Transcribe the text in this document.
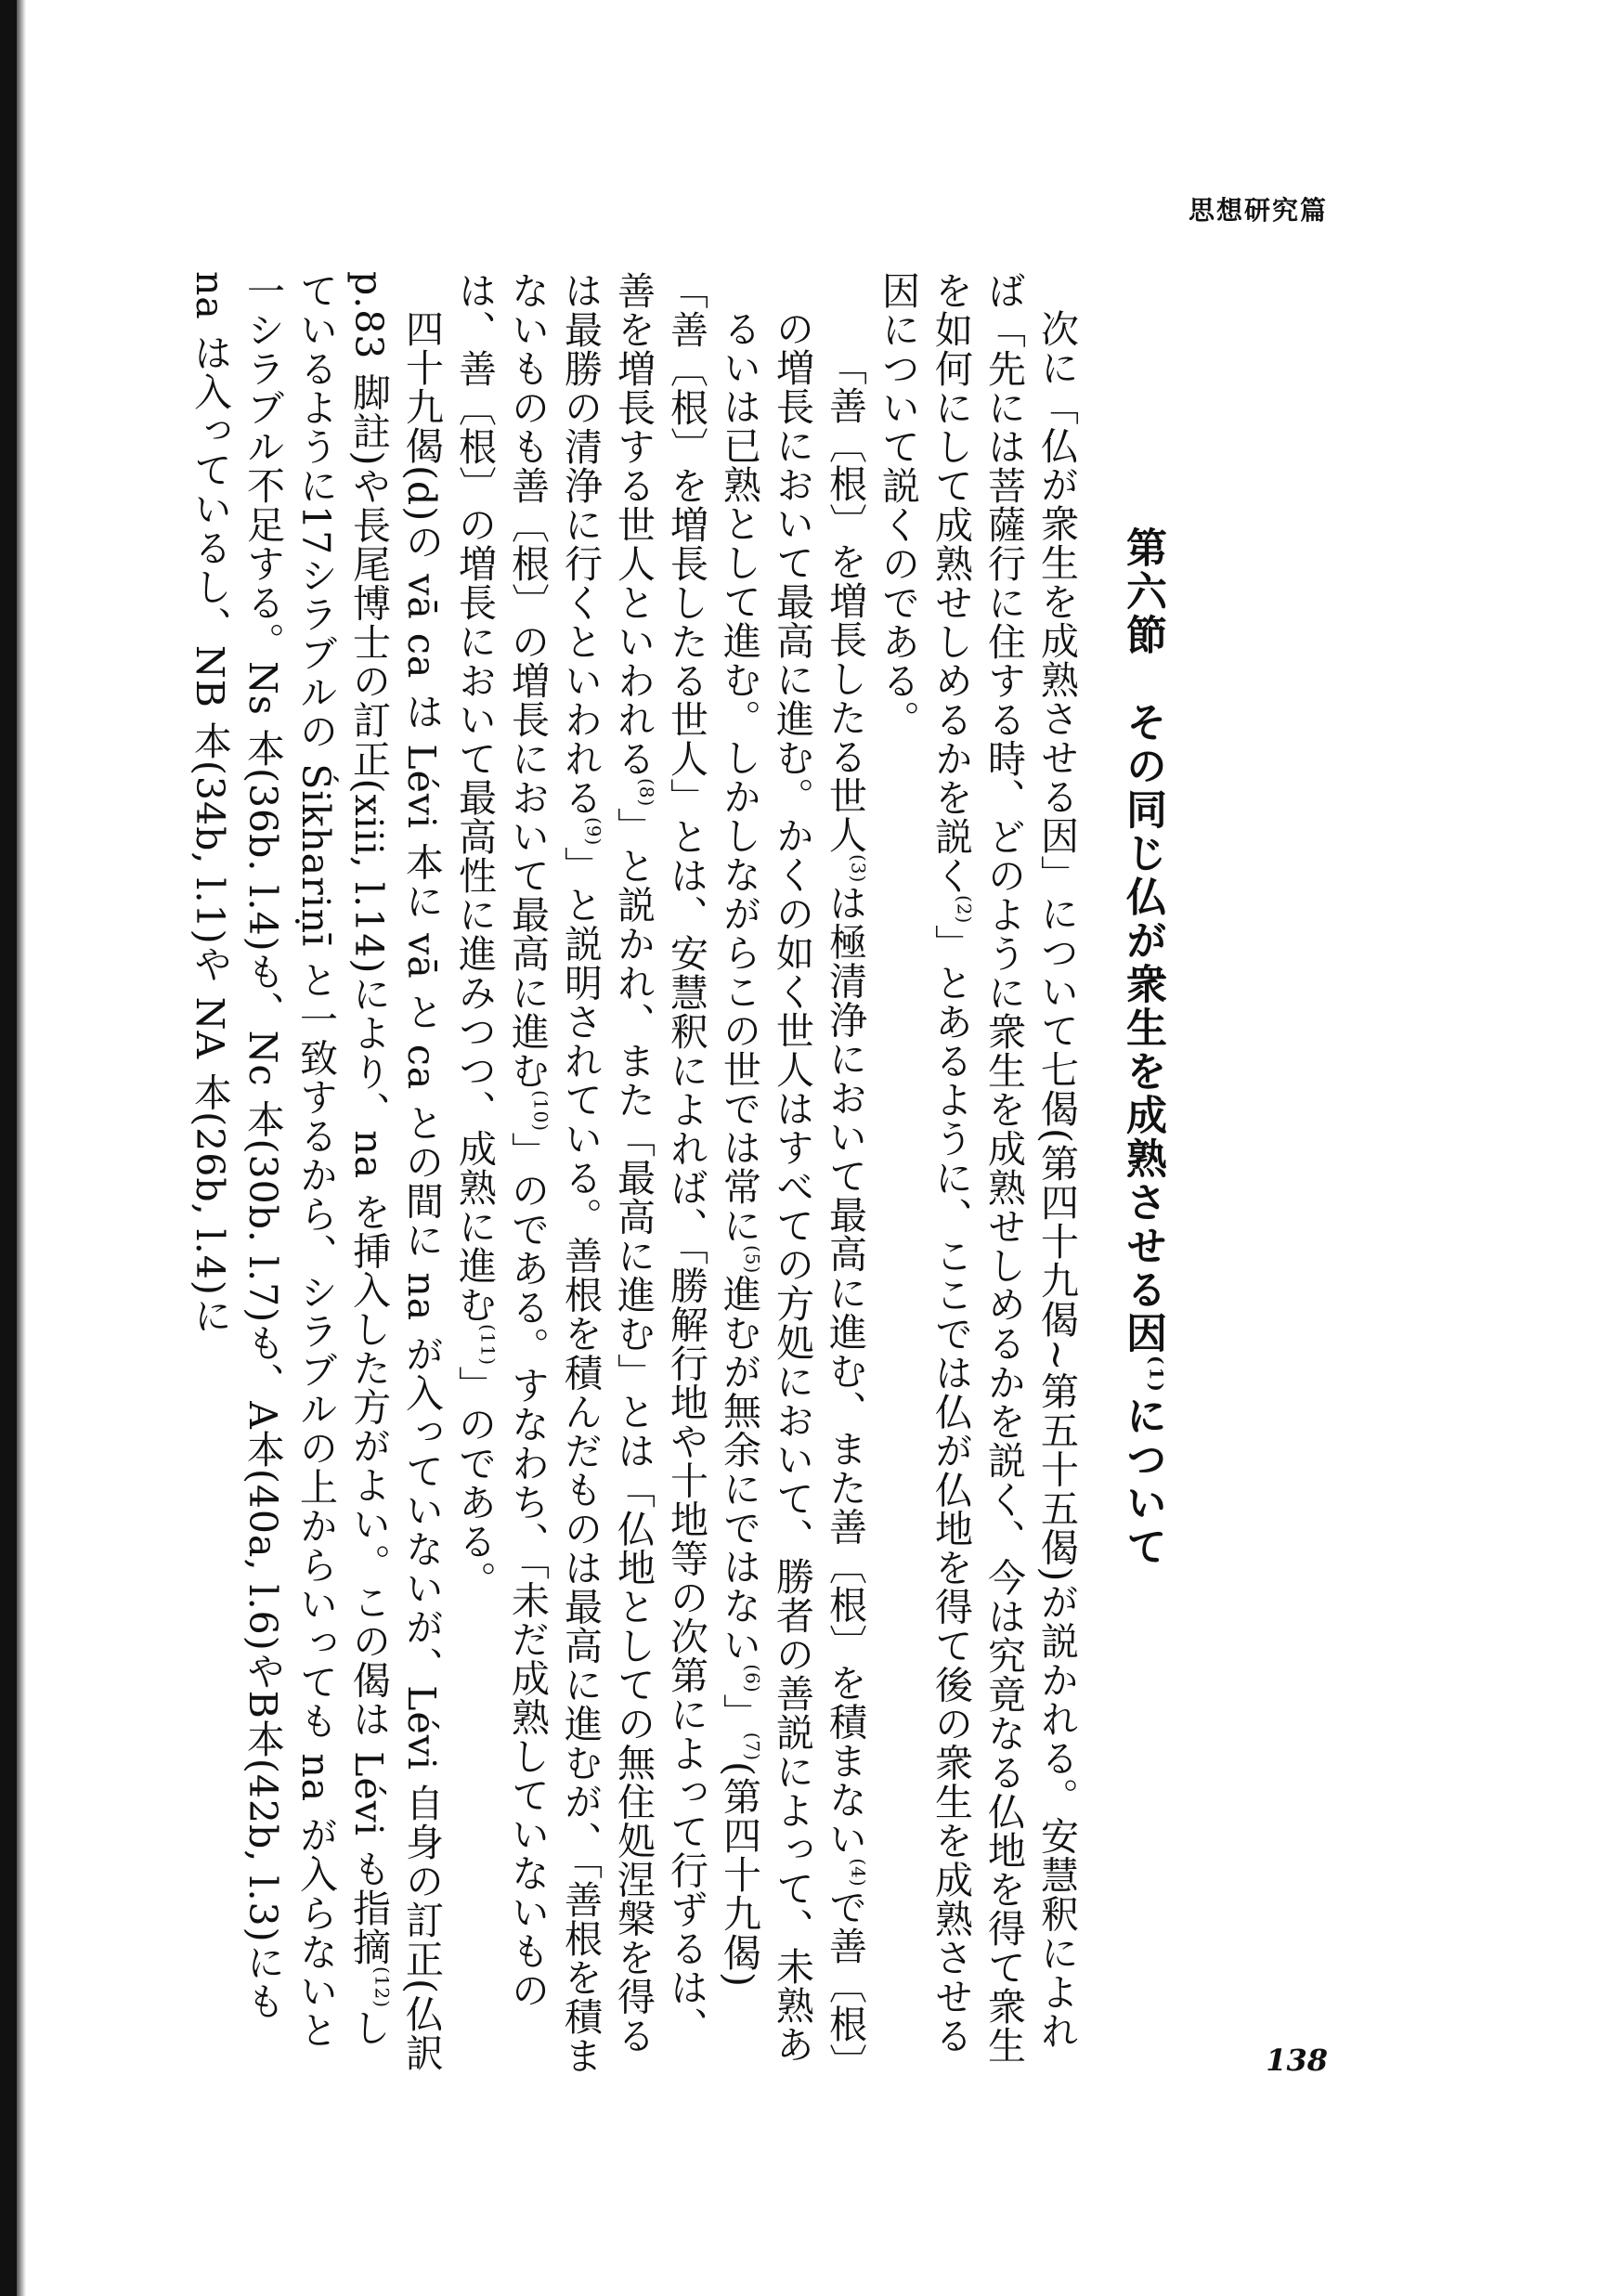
思想研究篇
第六節　その同じ仏が衆生を成熟させる因$^{(1)}$について

次に「仏が衆生を成熟させる因」について七偈(第四十九偈~第五十五偈)が説かれる。安慧釈によれば「先には菩薩行に住する時、どのように衆生を成熟せしめるかを説く、今は究竟なる仏地を得て衆生を如何にして成熟せしめるかを説く$^{(2)}$」とあるように、ここでは仏が仏地を得て後の衆生を成熟させる因について説くのである。

「善〔根〕を増長したる世人$^{(3)}$は極清浄において最高に進む、また善〔根〕を積まない$^{(4)}$で善〔根〕の増長において最高に進む。かくの如く世人はすべての方処において、勝者の善説によって、未熟あるいは已熟として進む。しかしながらこの世では常に$^{(5)}$進むが無余にではない$^{(6)}$」$^{(7)}$(第四十九偈)

「善〔根〕を増長したる世人」とは、安慧釈によれば、「勝解行地や十地等の次第によって行ずるは、善を増長する世人といわれる$^{(8)}$」と説かれ、また「最高に進む」とは「仏地としての無住処涅槃を得るは最勝の清浄に行くといわれる$^{(9)}$」と説明されている。善根を積んだものは最高に進むが、「善根を積まないものも善〔根〕の増長において最高に進む$^{(10)}$」のである。すなわち、「未だ成熟していないものは、善〔根〕の増長において最高性に進みつつ、成熟に進む$^{(11)}$」のである。

四十九偈(d)の vā ca は Lévi 本に vā と ca との間に na が入っていないが、Lévi 自身の訂正(仏訳 p.83 脚註)や長尾博士の訂正(xiii, l.14)により、na を挿入した方がよい。この偈は Lévi も指摘$^{(12)}$しているように17シラブルの Śikhariṇī と一致するから、シラブルの上からいっても na が入らないと一シラブル不足する。Ns 本(36b. l.4)も、Nc 本(30b. l.7)も、A本(40a, l.6)やB本(42b, l.3)にも na は入っているし、NB 本(34b, l.1)や NA 本(26b, l.4)に

138
